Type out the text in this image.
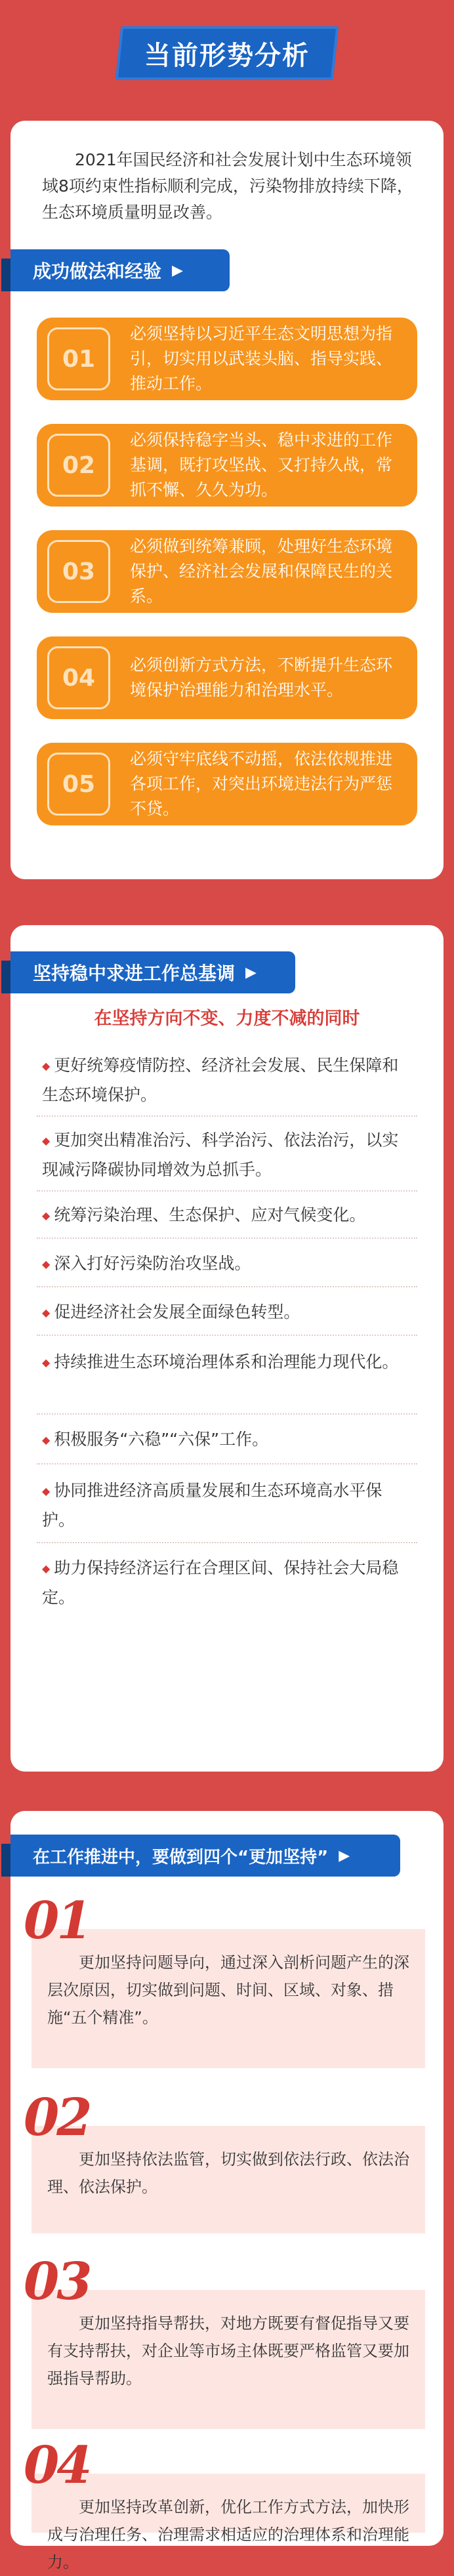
当前形势分析
2021年国民经济和社会发展计划中生态环境领域8项约束性指标顺利完成，污染物排放持续下降，生态环境质量明显改善。
成功做法和经验 ▶
01
必须坚持以习近平生态文明思想为指引，切实用以武装头脑、指导实践、推动工作。
02
必须保持稳字当头、稳中求进的工作基调，既打攻坚战、又打持久战，常抓不懈、久久为功。
03
必须做到统筹兼顾，处理好生态环境保护、经济社会发展和保障民生的关系。
04	必须创新方式方法，不断提升生态环境保护治理能力和治理水平。
05
必须守牢底线不动摇，依法依规推进各项工作，对突出环境违法行为严惩不贷。
坚持稳中求进工作总基调 ▶
在坚持方向不变、力度不减的同时
◆ 更好统筹疫情防控、经济社会发展、民生保障和生态环境保护。
◆ 更加突出精准治污、科学治污、依法治污，以实现减污降碳协同增效为总抓手。
◆ 统筹污染治理、生态保护、应对气候变化。
◆ 深入打好污染防治攻坚战。
◆ 促进经济社会发展全面绿色转型。
◆ 持续推进生态环境治理体系和治理能力现代化。
◆ 积极服务“六稳”“六保”工作。
◆ 协同推进经济高质量发展和生态环境高水平保护。
◆ 助力保持经济运行在合理区间、保持社会大局稳定。
在工作推进中，要做到四个“更加坚持” ▶
01
更加坚持问题导向，通过深入剖析问题产生的深层次原因，切实做到问题、时间、区域、对象、措施“五个精准”。
02
更加坚持依法监管，切实做到依法行政、依法治理、依法保护。
03
更加坚持指导帮扶，对地方既要有督促指导又要有支持帮扶，对企业等市场主体既要严格监管又要加强指导帮助。
04
更加坚持改革创新，优化工作方式方法，加快形成与治理任务、治理需求相适应的治理体系和治理能力。
